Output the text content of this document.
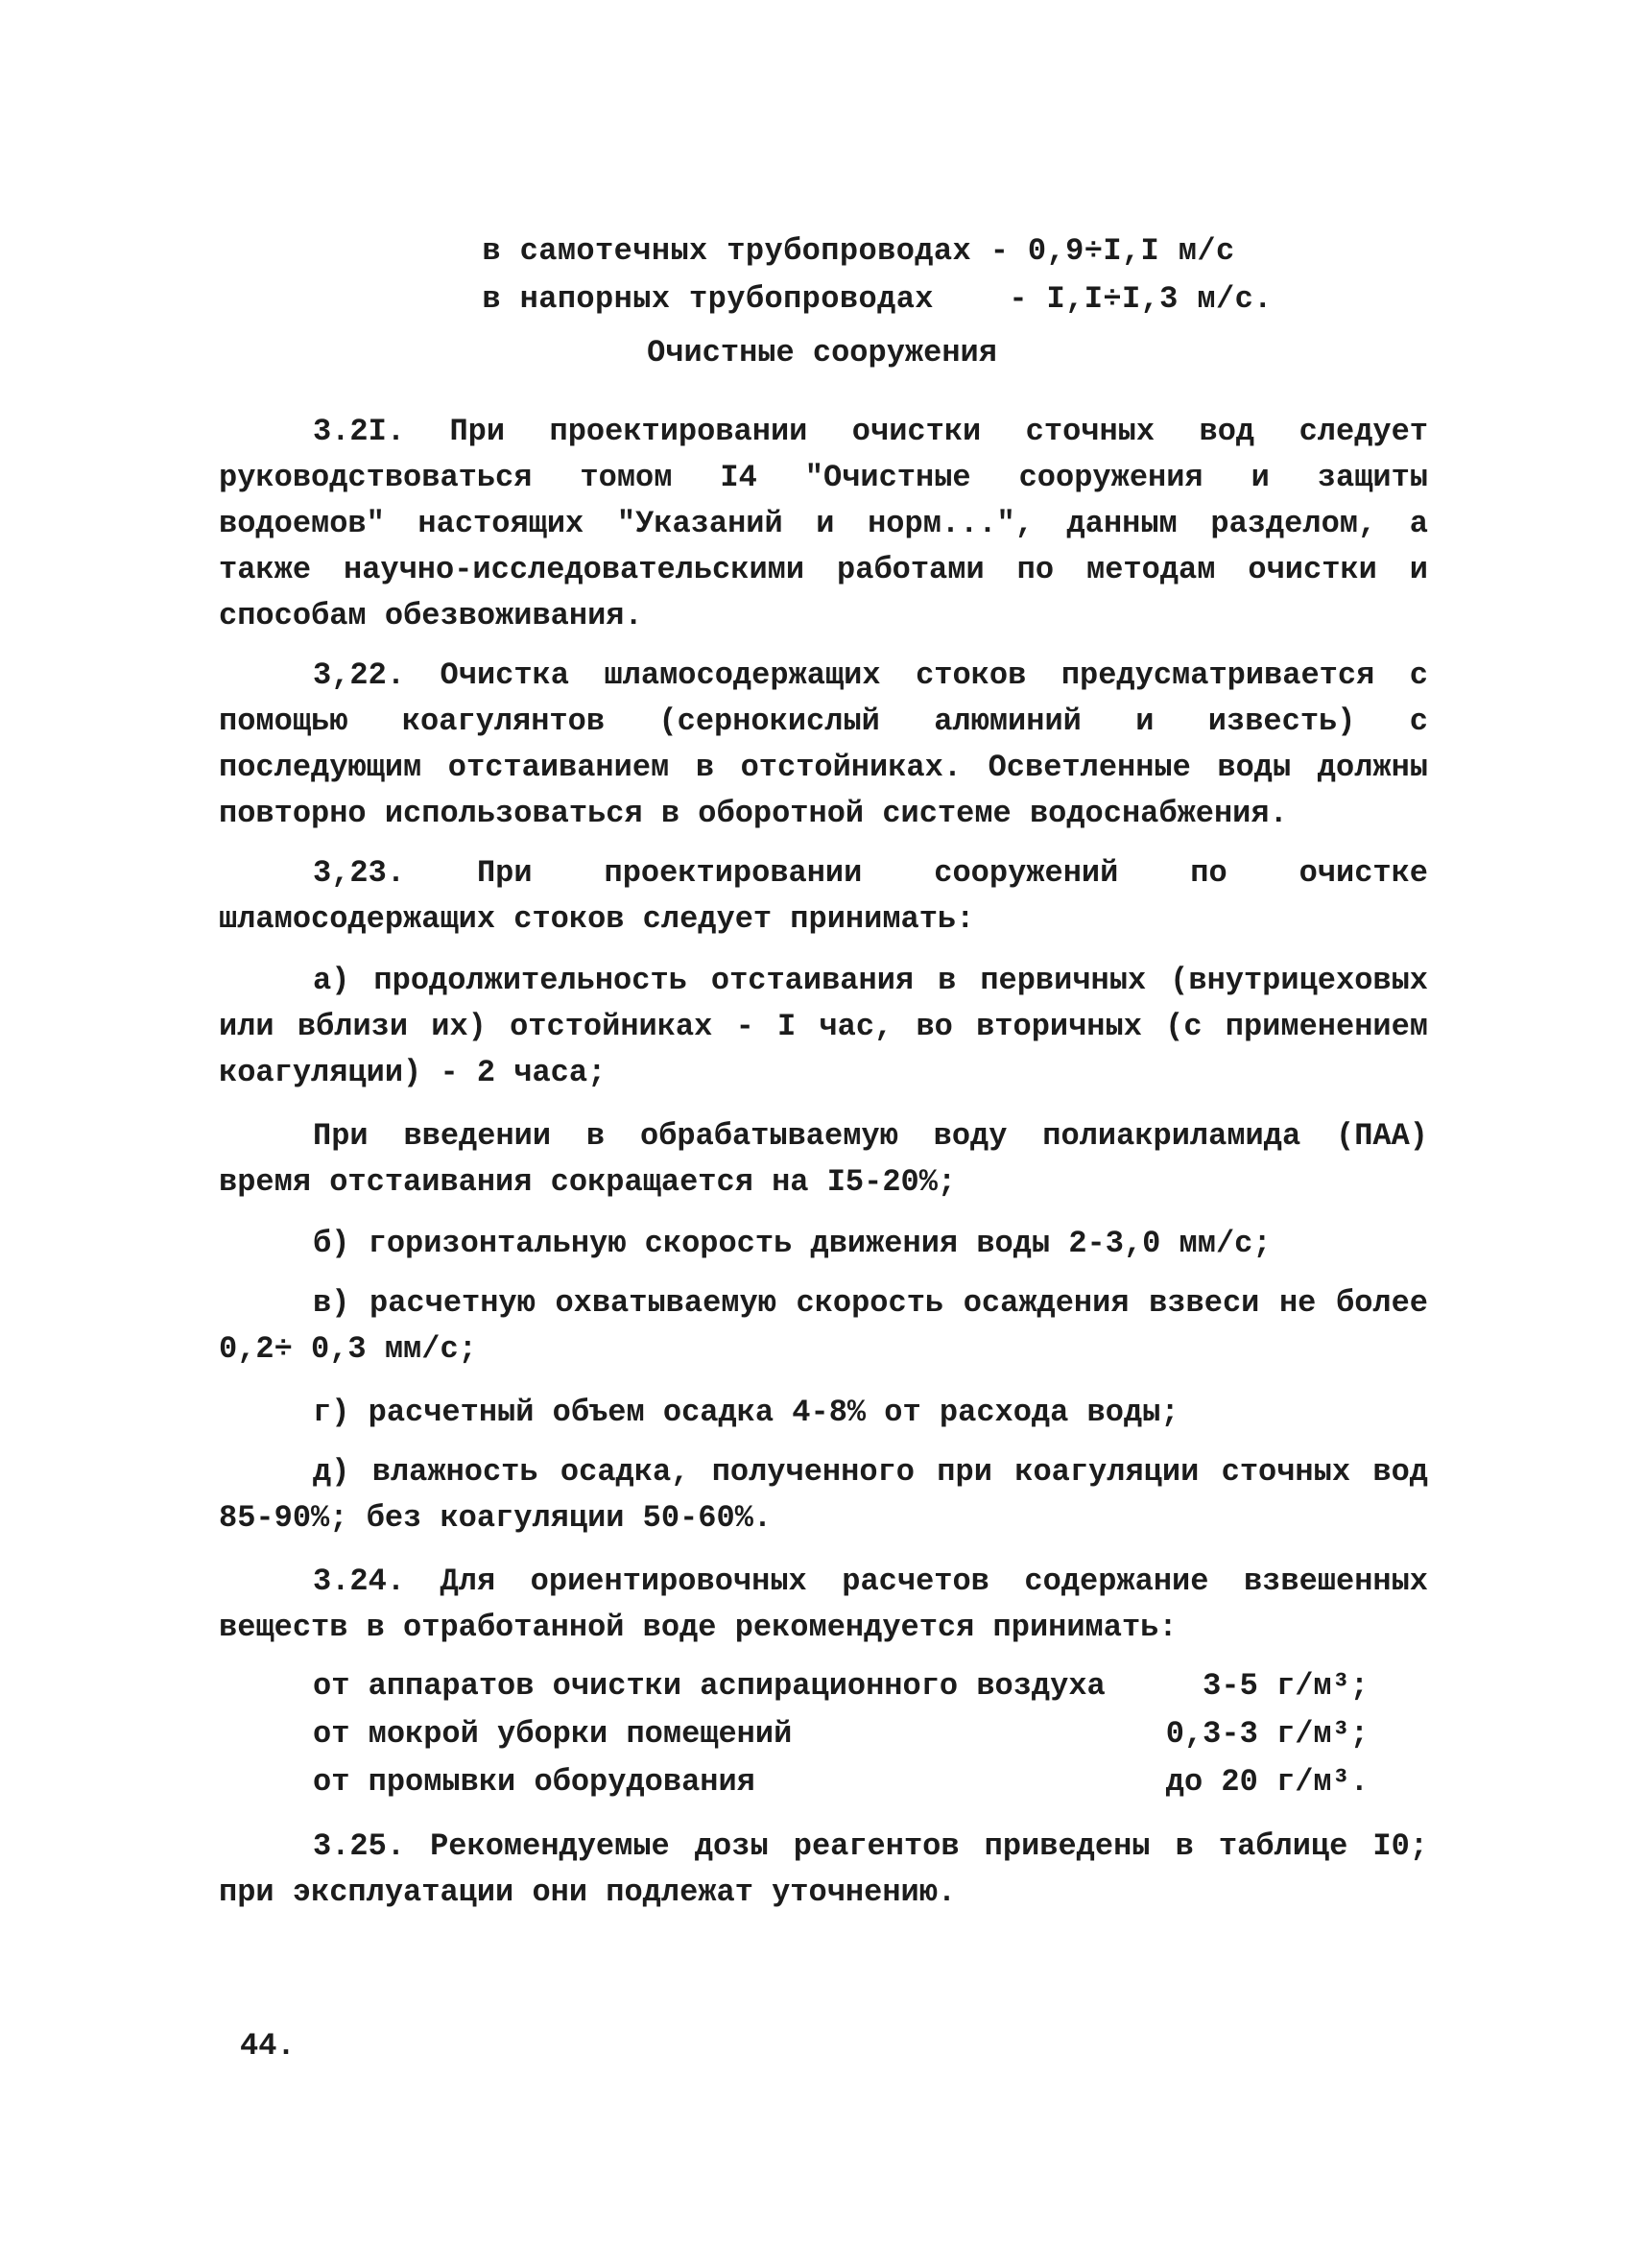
в самотечных трубопроводах - 0,9÷I,I м/с

в напорных трубопроводах - I,I÷I,3 м/с.

Очистные сооружения
3.2I. При проектировании очистки сточных вод следует руководствоваться томом I4 "Очистные сооружения и защиты водоемов" настоящих "Указаний и норм...", данным разделом, а также научно-исследовательскими работами по методам очистки и способам обезвоживания.
3,22. Очистка шламосодержащих стоков предусматривается с помощью коагулянтов (сернокислый алюминий и известь) с последующим отстаиванием в отстойниках. Осветленные воды должны повторно использоваться в оборотной системе водоснабжения.
3,23. При проектировании сооружений по очистке шламосодержащих стоков следует принимать:
а) продолжительность отстаивания в первичных (внутрицеховых или вблизи их) отстойниках - I час, во вторичных (с применением коагуляции) - 2 часа;
При введении в обрабатываемую воду полиакриламида (ПАА) время отстаивания сокращается на I5-20%;
б) горизонтальную скорость движения воды 2-3,0 мм/с;
в) расчетную охватываемую скорость осаждения взвеси не более 0,2÷ 0,3 мм/с;
г) расчетный объем осадка 4-8% от расхода воды;
д) влажность осадка, полученного при коагуляции сточных вод 85-90%; без коагуляции 50-60%.
3.24. Для ориентировочных расчетов содержание взвешенных веществ в отработанной воде рекомендуется принимать:
от аппаратов очистки аспирационного воздуха	3-5 г/м³;
от мокрой уборки помещений	0,3-3 г/м³;
от промывки оборудования	до 20 г/м³.
3.25. Рекомендуемые дозы реагентов приведены в таблице I0; при эксплуатации они подлежат уточнению.
44.
